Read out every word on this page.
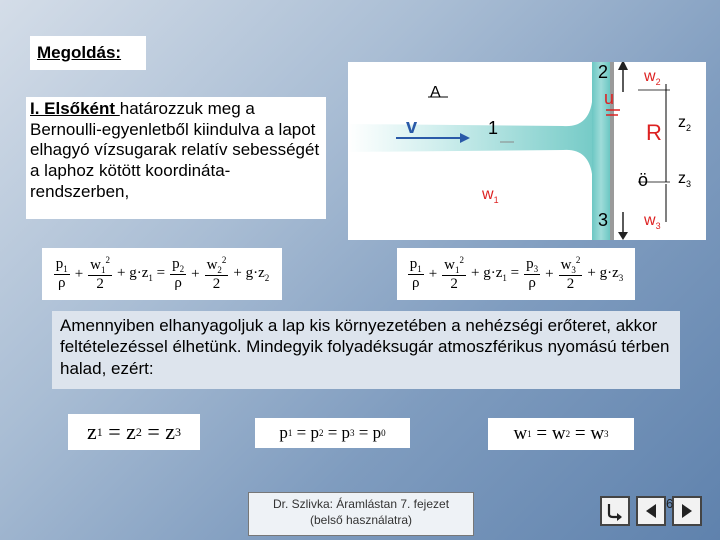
Megoldás:
I. Elsőként határozzuk meg a Bernoulli-egyenletből kiindulva a lapot elhagyó vízsugarak relatív sebességét a laphoz kötött koordináta-rendszerben,
v
A
1
$w_1$
2
u
R
ö
3
$w_2$
$w_3$
$z_2$
$z_3$
$\frac{p_1}{\rho} + \frac{w_1^2}{2} + g\cdot z_1 = \frac{p_2}{\rho} + \frac{w_2^2}{2} + g\cdot z_2$	$\frac{p_1}{\rho} + \frac{w_1^2}{2} + g\cdot z_1 = \frac{p_3}{\rho} + \frac{w_3^2}{2} + g\cdot z_3$
Amennyiben elhanyagoljuk a lap kis környezetében a nehézségi erőteret, akkor feltételezéssel élhetünk. Mindegyik folyadéksugár atmoszférikus nyomású térben halad, ezért:
z 1 = z 2 = z 3	p 1 = p 2 = p 3 = p 0	w 1 = w 2 = w 3
Dr. Szlivka: Áramlástan 7. fejezet
(belső használatra)
6
